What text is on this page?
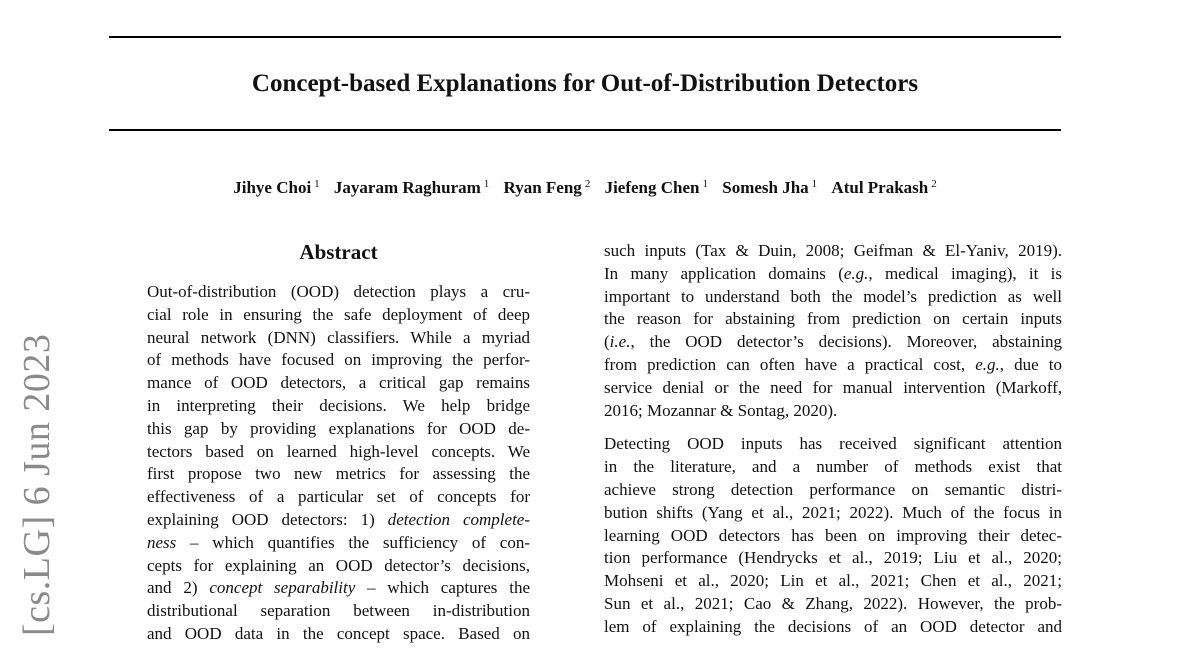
Concept-based Explanations for Out-of-Distribution Detectors
Jihye Choi $^1$ Jayaram Raghuram $^1$ Ryan Feng $^2$ Jiefeng Chen $^1$ Somesh Jha $^1$ Atul Prakash $^2$
[cs.LG] 6 Jun 2023
Abstract
Out-of-distribution (OOD) detection plays a cru-
cial role in ensuring the safe deployment of deep
neural network (DNN) classifiers. While a myriad
of methods have focused on improving the perfor-
mance of OOD detectors, a critical gap remains
in interpreting their decisions. We help bridge
this gap by providing explanations for OOD de-
tectors based on learned high-level concepts. We
first propose two new metrics for assessing the
effectiveness of a particular set of concepts for
explaining OOD detectors: 1) detection complete-
ness – which quantifies the sufficiency of con-
cepts for explaining an OOD detector’s decisions,
and 2) concept separability – which captures the
distributional separation between in-distribution
and OOD data in the concept space. Based on
such inputs (Tax & Duin, 2008; Geifman & El-Yaniv, 2019).
In many application domains (e.g., medical imaging), it is
important to understand both the model’s prediction as well
the reason for abstaining from prediction on certain inputs
(i.e., the OOD detector’s decisions). Moreover, abstaining
from prediction can often have a practical cost, e.g., due to
service denial or the need for manual intervention (Markoff,
2016; Mozannar & Sontag, 2020).
Detecting OOD inputs has received significant attention
in the literature, and a number of methods exist that
achieve strong detection performance on semantic distri-
bution shifts (Yang et al., 2021; 2022). Much of the focus in
learning OOD detectors has been on improving their detec-
tion performance (Hendrycks et al., 2019; Liu et al., 2020;
Mohseni et al., 2020; Lin et al., 2021; Chen et al., 2021;
Sun et al., 2021; Cao & Zhang, 2022). However, the prob-
lem of explaining the decisions of an OOD detector and
